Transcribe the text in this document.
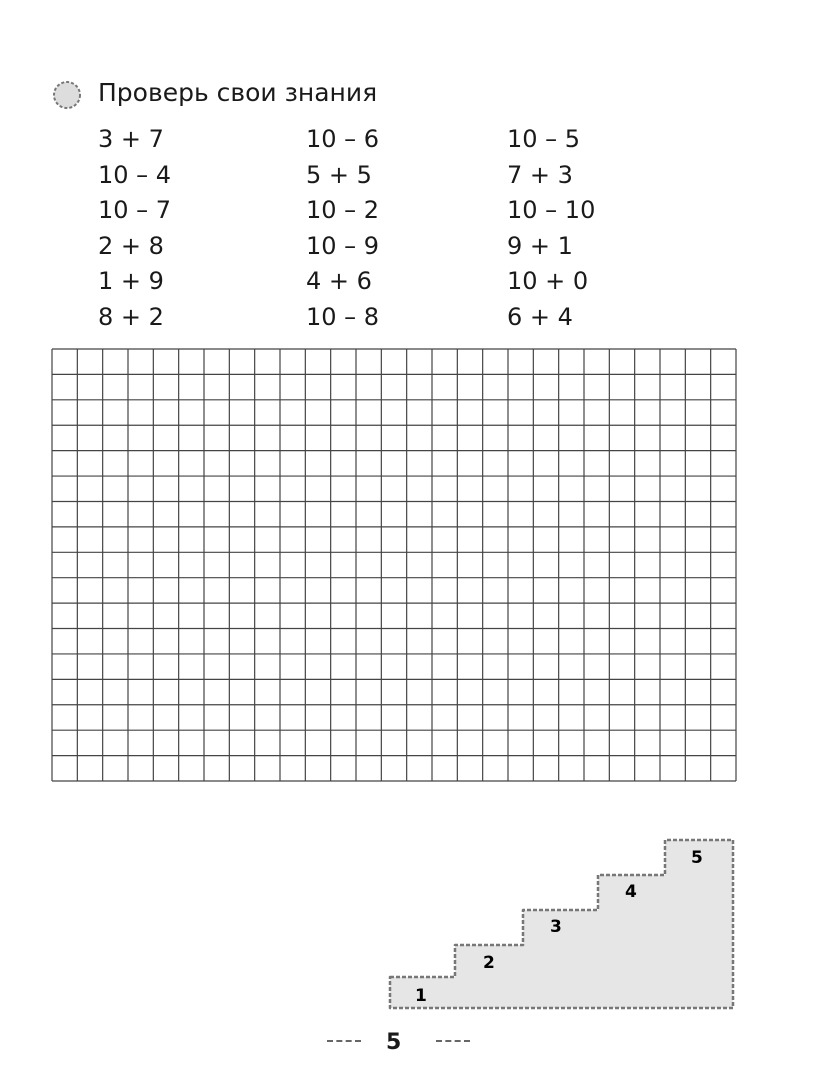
Проверь свои знания
3 + 7
10 – 4
10 – 7
2 + 8
1 + 9
8 + 2
10 – 6
5 + 5
10 – 2
10 – 9
4 + 6
10 – 8
10 – 5
7 + 3
10 – 10
9 + 1
10 + 0
6 + 4
1
2
3
4
5
5
